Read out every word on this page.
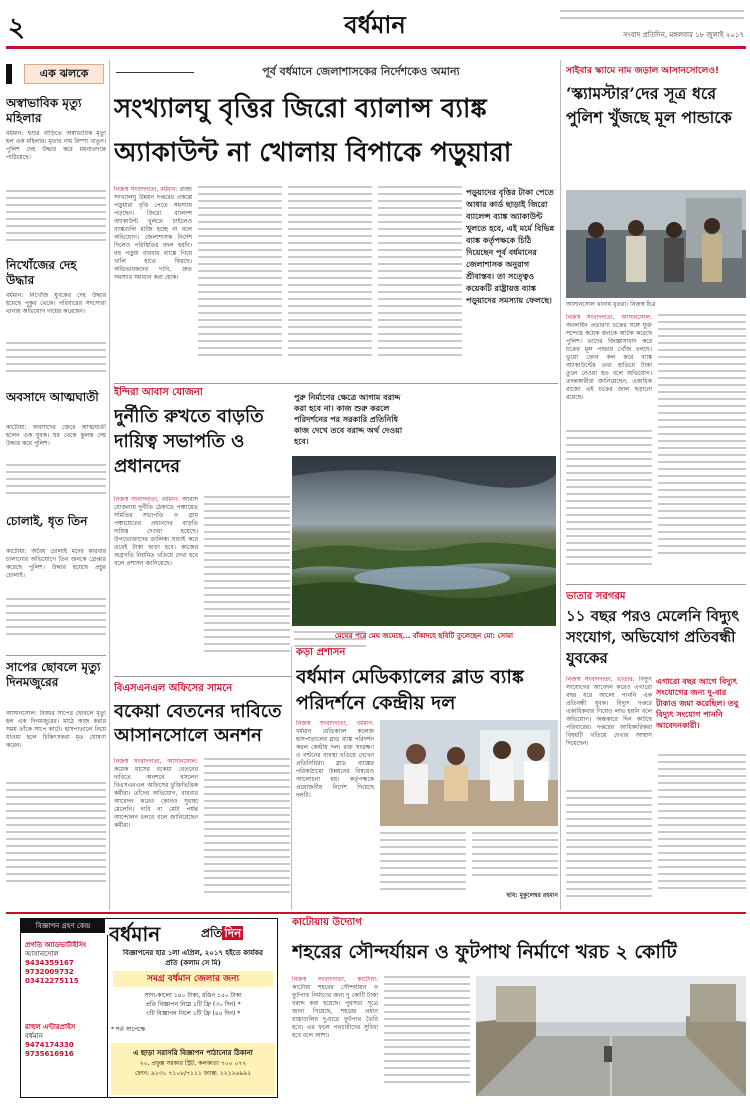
২	বর্ধমান	সংবাদ প্রতিদিন, মঙ্গলবার ১৮ জুলাই ২০১৭
এক ঝলকে
অস্বাভাবিক মৃত্যু মহিলার
বর্ধমান: শ্বশুর বাড়িতে অস্বাভাবিক মৃত্যু হল এক মহিলার। মৃতার নাম রিম্পা খাতুন। পুলিশ দেহ উদ্ধার করে ময়নাতদন্তে পাঠিয়েছে।
নিখোঁজের দেহ উদ্ধার
বর্ধমান: নিখোঁজ যুবকের দেহ উদ্ধার হয়েছে পুকুর থেকে। পরিবারের সদস্যেরা থানায় অভিযোগ দায়ের করেছেন।
অবসাদে আত্মঘাতী
কাটোয়া: অবসাদের জেরে আত্মঘাতী হলেন এক যুবক। ঘর থেকে ঝুলন্ত দেহ উদ্ধার করে পুলিশ।
চোলাই, ধৃত তিন
কাটোয়া: অবৈধ চোলাই মদের কারবার চালানোর অভিযোগে তিন জনকে গ্রেপ্তার করেছে পুলিশ। উদ্ধার হয়েছে প্রচুর চোলাই।
সাপের ছোবলে মৃত্যু দিনমজুরের
আসানসোল: বিষধর সাপের ছোবলে মৃত্যু হল এক দিনমজুরের। মাঠে কাজ করার সময় তাঁকে সাপে কাটে। হাসপাতালে নিয়ে যাওয়া হলে চিকিৎসকরা মৃত ঘোষণা করেন।
পূর্ব বর্ধমানে জেলাশাসকের নির্দেশকেও অমান্য
সংখ্যালঘু বৃত্তির জিরো ব্যালান্স ব্যাঙ্ক
অ্যাকাউন্ট না খোলায় বিপাকে পড়ুয়ারা
নিজস্ব সংবাদদাতা, বর্ধমান: রাজ্য সংখ্যালঘু উন্নয়ন দপ্তরের প্রকল্পে পড়ুয়ারা বৃত্তি পেতে সমস্যায় পড়ছেন। জিরো ব্যালান্স অ্যাকাউন্ট খুলতে চাইলেও ব্যাঙ্কগুলি রাজি হচ্ছে না বলে অভিযোগ। জেলাশাসক নির্দেশ দিলেও পরিস্থিতির বদল হয়নি। বহু পড়ুয়া বারবার ব্যাঙ্কে গিয়ে খালি হাতে ফিরছে। অভিভাবকদের দাবি, দ্রুত সমস্যার সমাধান করা হোক।
পড়ুয়াদের বৃত্তির টাকা পেতে আধার কার্ড ছাড়াই জিরো ব্যালেন্স ব্যাঙ্ক অ্যাকাউন্ট খুলতে হবে, এই মর্মে বিভিন্ন ব্যাঙ্ক কর্তৃপক্ষকে চিঠি দিয়েছেন পূর্ব বর্ধমানের জেলাশাসক অনুরাগ শ্রীবাস্তব। তা সত্ত্বেও কয়েকটি রাষ্ট্রায়ত্ত ব্যাঙ্ক পড়ুয়াদের সমস্যায় ফেলছে।
ইন্দিরা আবাস যোজনা
দুর্নীতি রুখতে বাড়তি দায়িত্ব সভাপতি ও প্রধানদের
নিজস্ব সংবাদদাতা, বর্ধমান: আবাস যোজনায় দুর্নীতি ঠেকাতে পঞ্চায়েত সমিতির সভাপতি ও গ্রাম পঞ্চায়েতের প্রধানদের বাড়তি দায়িত্ব দেওয়া হয়েছে। উপভোক্তাদের তালিকা যাচাই করে তবেই টাকা ছাড়া হবে। কাজের অগ্রগতি নিয়মিত খতিয়ে দেখা হবে বলে প্রশাসন জানিয়েছে।
পুরু নির্মাণের ক্ষেত্রে আগাম বরাদ্দ করা হবে না। কাজ শুরু করলে পরিদর্শনের পর সরকারি প্রতিনিধি কাজ দেখে তবে বরাদ্দ অর্থ দেওয়া হবে।
মেঘের পরে মেঘ জমেছে... বাঁকাদহে ছবিটি তুলেছেন মো: সোমা
বিএসএনএল অফিসের সামনে
বকেয়া বেতনের দাবিতে আসানসোলে অনশন
নিজস্ব সংবাদদাতা, আসানসোল: কয়েক মাসের বকেয়া বেতনের দাবিতে অনশনে বসলেন বিএসএনএল অফিসের চুক্তিভিত্তিক কর্মীরা। তাঁদের অভিযোগ, বারবার আবেদন করেও কোনও সুরাহা মেলেনি। দাবি না মেটা পর্যন্ত আন্দোলন চলবে বলে জানিয়েছেন কর্মীরা।
কড়া প্রশাসন
বর্ধমান মেডিক্যালের ব্লাড ব্যাঙ্ক পরিদর্শনে কেন্দ্রীয় দল
নিজস্ব সংবাদদাতা, বর্ধমান: বর্ধমান মেডিক্যাল কলেজ হাসপাতালের ব্লাড ব্যাঙ্ক পরিদর্শন করল কেন্দ্রীয় দল। রক্ত সংরক্ষণ ও বণ্টনের ব্যবস্থা খতিয়ে দেখেন প্রতিনিধিরা। ব্লাড ব্যাঙ্কের পরিকাঠামো উন্নয়নের বিষয়েও আলোচনা হয়। কর্তৃপক্ষকে প্রয়োজনীয় নির্দেশ দিয়েছে দলটি।
ছবি: মুকুলেশ্বর রহমান
সাইবার স্ক্যামে নাম জড়াল আসানসোলেও!
‘স্ক্যামস্টার’দের সূত্র ধরে পুলিশ খুঁজছে মূল পান্ডাকে
আসানসোল থানায় ধৃতরা। নিজস্ব চিত্র
নিজস্ব সংবাদদাতা, আসানসোল: অনলাইন প্রতারণা চক্রের সঙ্গে যুক্ত সন্দেহে কয়েক জনকে আটক করেছে পুলিশ। তাদের জিজ্ঞাসাবাদ করে চক্রের মূল পান্ডার খোঁজ চলছে। ভুয়ো ফোন কল করে ব্যাঙ্ক অ্যাকাউন্টের তথ্য হাতিয়ে টাকা তুলে নেওয়া হত বলে অভিযোগ। তদন্তকারীরা জানিয়েছেন, একাধিক রাজ্যে এই চক্রের জাল ছড়ানো রয়েছে।
ভাতার সরগরম
১১ বছর পরও মেলেনি বিদ্যুৎ সংযোগ, অভিযোগ প্রতিবন্ধী যুবকের
এগারো বছর আগে বিদ্যুৎ সংযোগের জন্য দু-বার টাকাও জমা করেছিল। তবু বিদ্যুৎ সংযোগ পাননি আবেদনকারী।
নিজস্ব সংবাদদাতা, ভাতার: বিদ্যুৎ সংযোগের আবেদন করেও এগারো বছর ধরে আলো পাননি এক প্রতিবন্ধী যুবক। বিদ্যুৎ দপ্তরে একাধিকবার গিয়েও লাভ হয়নি বলে অভিযোগ। অন্ধকারে দিন কাটছে পরিবারের। দপ্তরের আধিকারিকরা বিষয়টি খতিয়ে দেখার আশ্বাস দিয়েছেন।
বিজ্ঞাপন গ্রহণ কেন্দ্র বর্ধমান	প্রতি দিন
প্রগতি অ্যাডভার্টাইসিং
আসানসোল
9434359167
9732009732
03412275115
রাহুল এন্টারপ্রাইস
বর্ধমান
9474174330
9735616916
বিজ্ঞাপনের হার ১লা এপ্রিল, ২০১৭ হইতে কার্যকর
প্রতি (কলাম সে মি)
সমগ্র বর্ধমান জেলার জন্য
সাদা-কালো ১৪০ টাকা, রঙিন ১৫০ টাকা
প্রতি বিজ্ঞাপন নিম্নে ১টি ফ্রি (৩০ দিন) *
৩টি বিজ্ঞাপন নিলে ১টি ফ্রি (৪৫ দিন) *
* শর্ত সাপেক্ষে
এ ছাড়া সরাসরি বিজ্ঞাপন পাঠানোর ঠিকানা
২০, প্রফুল্ল সরকার স্ট্রিট, কলকাতা ৭০০ ০৭২
ফোন: ৯১৩০ ৭১০৮/৭১১১ ফ্যাক্স: ২২১২৬৯৯২
কাটোয়ায় উদ্যোগ
শহরের সৌন্দর্যায়ন ও ফুটপাথ নির্মাণে খরচ ২ কোটি
নিজস্ব সংবাদদাতা, কাটোয়া: কাটোয়া শহরের সৌন্দর্যায়ন ও ফুটপাথ নির্মাণের জন্য দু কোটি টাকা বরাদ্দ করা হয়েছে। পুরসভা সূত্রে জানা গিয়েছে, শহরের প্রধান রাস্তাগুলির দু-ধারে ফুটপাথ তৈরি হবে। এর ফলে পথচারীদের সুবিধা হবে বলে আশা।
